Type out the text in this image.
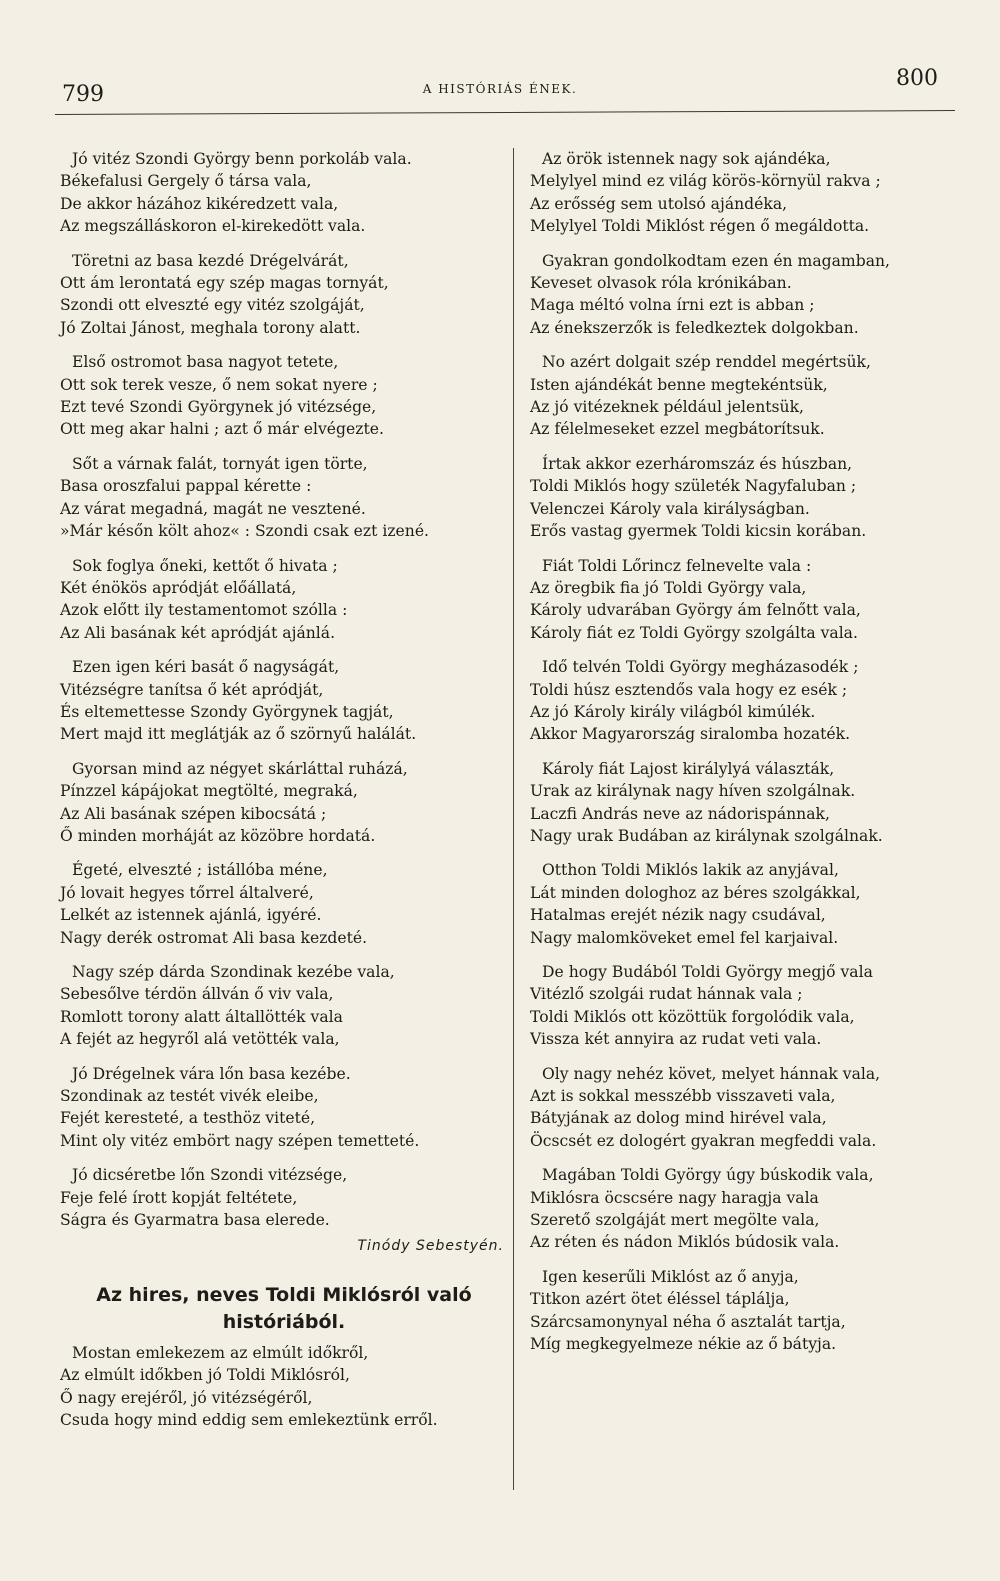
799	A HISTÓRIÁS ÉNEK.	800
Jó vitéz Szondi György benn porkoláb vala.
Békefalusi Gergely ő társa vala,
De akkor házához kikéredzett vala,
Az megszálláskoron el-kirekedött vala.
Töretni az basa kezdé Drégelvárát,
Ott ám lerontatá egy szép magas tornyát,
Szondi ott elveszté egy vitéz szolgáját,
Jó Zoltai Jánost, meghala torony alatt.
Első ostromot basa nagyot tetete,
Ott sok terek vesze, ő nem sokat nyere ;
Ezt tevé Szondi Györgynek jó vitézsége,
Ott meg akar halni ; azt ő már elvégezte.
Sőt a várnak falát, tornyát igen törte,
Basa oroszfalui pappal kérette :
Az várat megadná, magát ne vesztené.
»Már későn költ ahoz« : Szondi csak ezt izené.
Sok foglya őneki, kettőt ő hivata ;
Két énökös apródját előállatá,
Azok előtt ily testamentomot szólla :
Az Ali basának két apródját ajánlá.
Ezen igen kéri basát ő nagyságát,
Vitézségre tanítsa ő két apródját,
És eltemettesse Szondy Györgynek tagját,
Mert majd itt meglátják az ő szörnyű halálát.
Gyorsan mind az négyet skárláttal ruházá,
Pínzzel kápájokat megtölté, megraká,
Az Ali basának szépen kibocsátá ;
Ő minden morháját az közöbre hordatá.
Égeté, elveszté ; istállóba méne,
Jó lovait hegyes tőrrel általveré,
Lelkét az istennek ajánlá, igyéré.
Nagy derék ostromat Ali basa kezdeté.
Nagy szép dárda Szondinak kezébe vala,
Sebesőlve térdön állván ő viv vala,
Romlott torony alatt általlötték vala
A fejét az hegyről alá vetötték vala,
Jó Drégelnek vára lőn basa kezébe.
Szondinak az testét vivék eleibe,
Fejét keresteté, a testhöz viteté,
Mint oly vitéz embört nagy szépen temetteté.
Jó dicséretbe lőn Szondi vitézsége,
Feje felé írott kopját feltétete,
Ságra és Gyarmatra basa elerede.
Tinódy Sebestyén.
Az hires, neves Toldi Miklósról való
históriából.
Mostan emlekezem az elmúlt időkről,
Az elmúlt időkben jó Toldi Miklósról,
Ő nagy erejéről, jó vitézségéről,
Csuda hogy mind eddig sem emlekeztünk erről.
Az örök istennek nagy sok ajándéka,
Melylyel mind ez világ körös-környül rakva ;
Az erősség sem utolsó ajándéka,
Melylyel Toldi Miklóst régen ő megáldotta.
Gyakran gondolkodtam ezen én magamban,
Keveset olvasok róla krónikában.
Maga méltó volna írni ezt is abban ;
Az énekszerzők is feledkeztek dolgokban.
No azért dolgait szép renddel megértsük,
Isten ajándékát benne megtekéntsük,
Az jó vitézeknek például jelentsük,
Az félelmeseket ezzel megbátorítsuk.
Írtak akkor ezerháromszáz és húszban,
Toldi Miklós hogy születék Nagyfaluban ;
Velenczei Károly vala királyságban.
Erős vastag gyermek Toldi kicsin korában.
Fiát Toldi Lőrincz felnevelte vala :
Az öregbik fia jó Toldi György vala,
Károly udvarában György ám felnőtt vala,
Károly fiát ez Toldi György szolgálta vala.
Idő telvén Toldi György megházasodék ;
Toldi húsz esztendős vala hogy ez esék ;
Az jó Károly király világból kimúlék.
Akkor Magyarország siralomba hozaték.
Károly fiát Lajost királylyá választák,
Urak az királynak nagy híven szolgálnak.
Laczfi András neve az nádorispánnak,
Nagy urak Budában az királynak szolgálnak.
Otthon Toldi Miklós lakik az anyjával,
Lát minden dologhoz az béres szolgákkal,
Hatalmas erejét nézik nagy csudával,
Nagy malomköveket emel fel karjaival.
De hogy Budából Toldi György megjő vala
Vitézlő szolgái rudat hánnak vala ;
Toldi Miklós ott közöttük forgolódik vala,
Vissza két annyira az rudat veti vala.
Oly nagy nehéz követ, melyet hánnak vala,
Azt is sokkal messzébb visszaveti vala,
Bátyjának az dolog mind hirével vala,
Öcscsét ez dologért gyakran megfeddi vala.
Magában Toldi György úgy búskodik vala,
Miklósra öcscsére nagy haragja vala
Szerető szolgáját mert megölte vala,
Az réten és nádon Miklós búdosik vala.
Igen keserűli Miklóst az ő anyja,
Titkon azért ötet éléssel táplálja,
Szárcsamonynyal néha ő asztalát tartja,
Míg megkegyelmeze nékie az ő bátyja.
